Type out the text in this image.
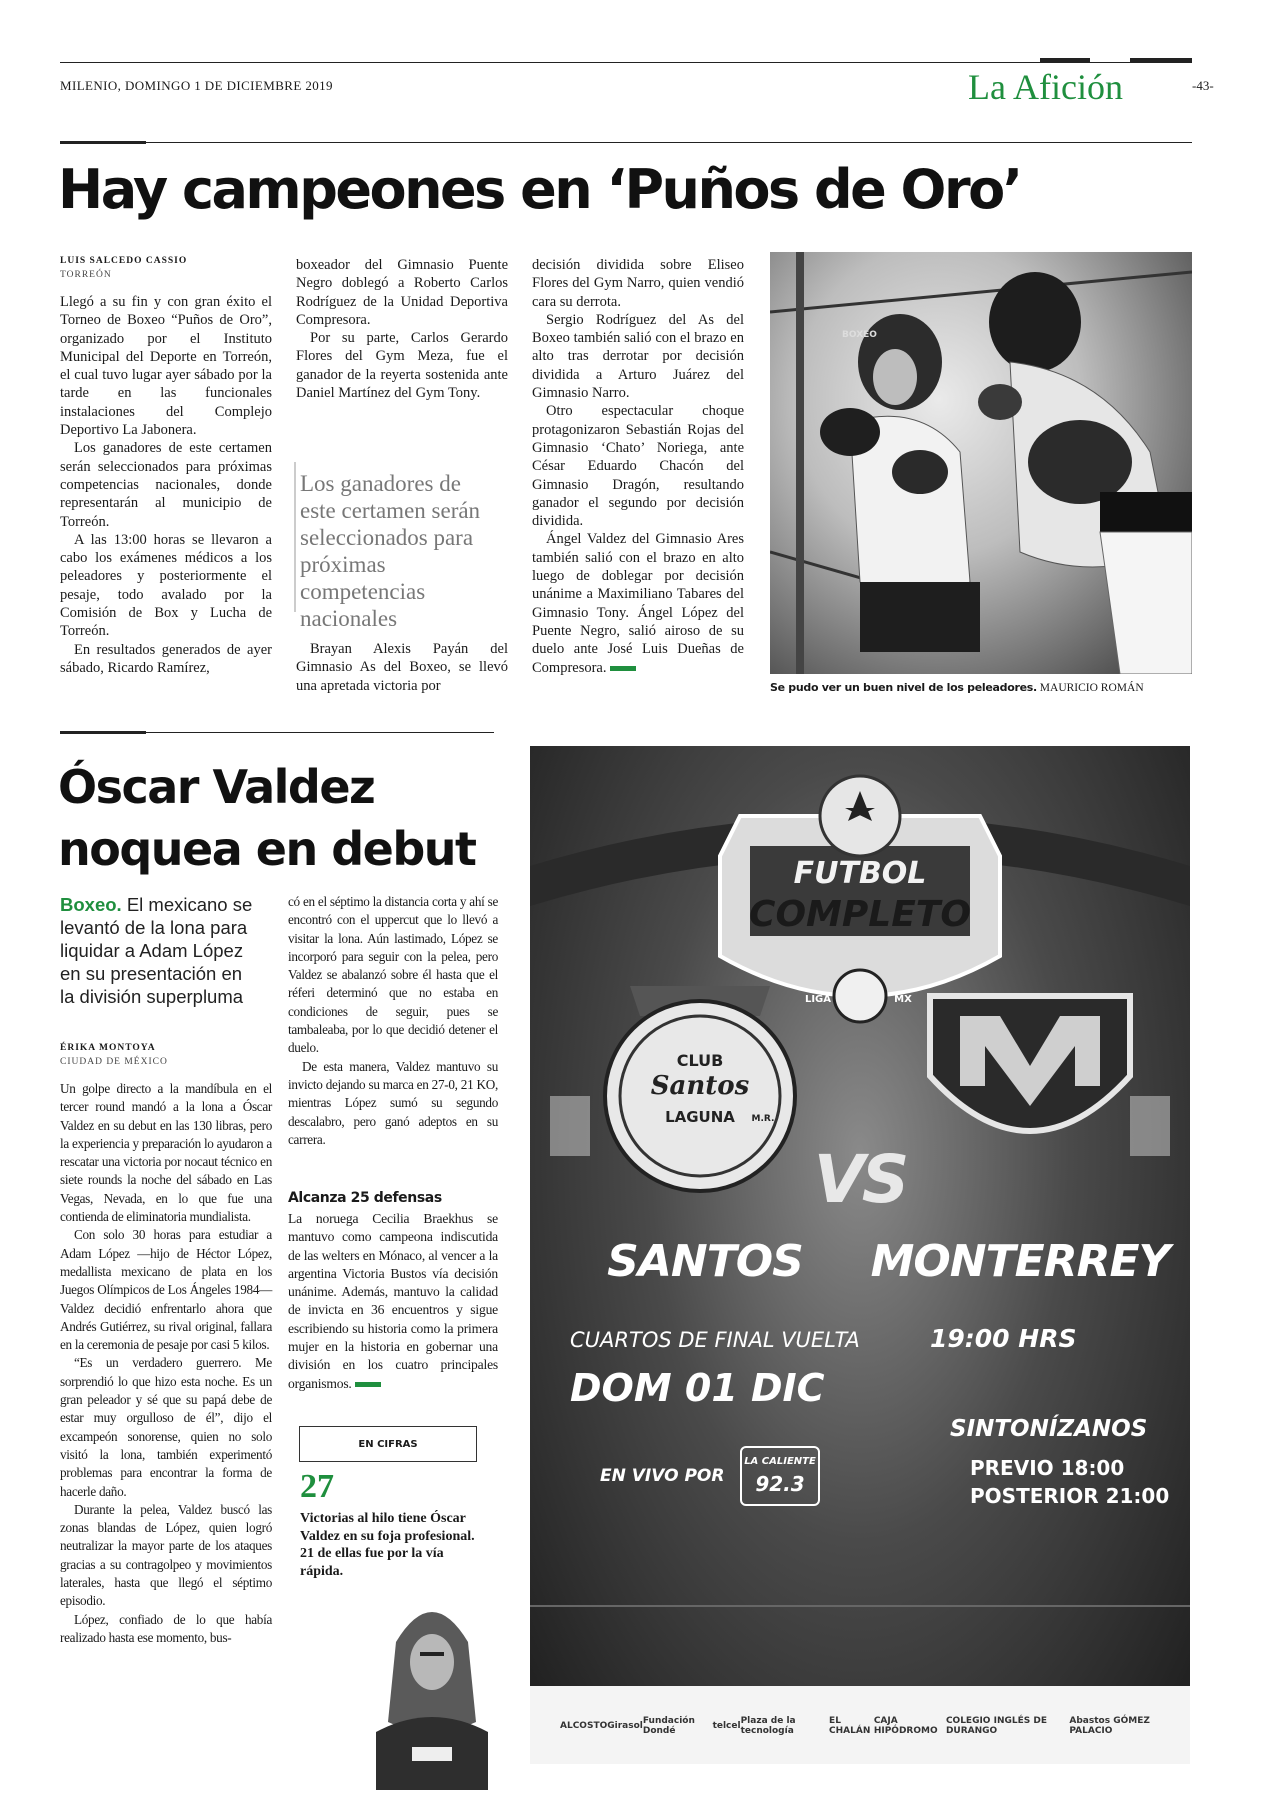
MILENIO, DOMINGO 1 DE DICIEMBRE 2019	La Afición	-43-
Hay campeones en ‘Puños de Oro’
LUIS SALCEDO CASSIO
TORREÓN

Llegó a su fin y con gran éxito el Torneo de Boxeo “Puños de Oro”, organizado por el Instituto Municipal del Deporte en Torreón, el cual tuvo lugar ayer sábado por la tarde en las funcionales instalaciones del Complejo Deportivo La Jabonera.

Los ganadores de este certamen serán seleccionados para próximas competencias nacionales, donde representarán al municipio de Torreón.

A las 13:00 horas se llevaron a cabo los exámenes médicos a los peleadores y posteriormente el pesaje, todo avalado por la Comisión de Box y Lucha de Torreón.

En resultados generados de ayer sábado, Ricardo Ramírez,

boxeador del Gimnasio Puente Negro doblegó a Roberto Carlos Rodríguez de la Unidad Deportiva Compresora.

Por su parte, Carlos Gerardo Flores del Gym Meza, fue el ganador de la reyerta sostenida ante Daniel Martínez del Gym Tony.

Los ganadores de este certamen serán seleccionados para próximas competencias nacionales

Brayan Alexis Payán del Gimnasio As del Boxeo, se llevó una apretada victoria por

decisión dividida sobre Eliseo Flores del Gym Narro, quien vendió cara su derrota.

Sergio Rodríguez del As del Boxeo también salió con el brazo en alto tras derrotar por decisión dividida a Arturo Juárez del Gimnasio Narro.

Otro espectacular choque protagonizaron Sebastián Rojas del Gimnasio ‘Chato’ Noriega, ante César Eduardo Chacón del Gimnasio Dragón, resultando ganador el segundo por decisión dividida.

Ángel Valdez del Gimnasio Ares también salió con el brazo en alto luego de doblegar por decisión unánime a Maximiliano Tabares del Gimnasio Tony. Ángel López del Puente Negro, salió airoso de su duelo ante José Luis Dueñas de Compresora.

BOXEO
Se pudo ver un buen nivel de los peleadores. MAURICIO ROMÁN
Óscar Valdez
noquea en debut
Boxeo. El mexicano se levantó de la lona para liquidar a Adam López en su presentación en la división superpluma
ÉRIKA MONTOYA
CIUDAD DE MÉXICO

Un golpe directo a la mandíbula en el tercer round mandó a la lona a Óscar Valdez en su debut en las 130 libras, pero la experiencia y preparación lo ayudaron a rescatar una victoria por nocaut técnico en siete rounds la noche del sábado en Las Vegas, Nevada, en lo que fue una contienda de eliminatoria mundialista.

Con solo 30 horas para estudiar a Adam López —hijo de Héctor López, medallista mexicano de plata en los Juegos Olímpicos de Los Ángeles 1984— Valdez decidió enfrentarlo ahora que Andrés Gutiérrez, su rival original, fallara en la ceremonia de pesaje por casi 5 kilos.

“Es un verdadero guerrero. Me sorprendió lo que hizo esta noche. Es un gran peleador y sé que su papá debe de estar muy orgulloso de él”, dijo el excampeón sonorense, quien no solo visitó la lona, también experimentó problemas para encontrar la forma de hacerle daño.

Durante la pelea, Valdez buscó las zonas blandas de López, quien logró neutralizar la mayor parte de los ataques gracias a su contragolpeo y movimientos laterales, hasta que llegó el séptimo episodio.

López, confiado de lo que había realizado hasta ese momento, bus-

có en el séptimo la distancia corta y ahí se encontró con el uppercut que lo llevó a visitar la lona. Aún lastimado, López se incorporó para seguir con la pelea, pero Valdez se abalanzó sobre él hasta que el réferi determinó que no estaba en condiciones de seguir, pues se tambaleaba, por lo que decidió detener el duelo.

De esta manera, Valdez mantuvo su invicto dejando su marca en 27-0, 21 KO, mientras López sumó su segundo descalabro, pero ganó adeptos en su carrera.

Alcanza 25 defensas

La noruega Cecilia Braekhus se mantuvo como campeona indiscutida de las welters en Mónaco, al vencer a la argentina Victoria Bustos vía decisión unánime. Además, mantuvo la calidad de invicta en 36 encuentros y sigue escribiendo su historia como la primera mujer en la historia en gobernar una división en los cuatro principales organismos.

EN CIFRAS
27
Victorias al hilo tiene Óscar Valdez en su foja profesional. 21 de ellas fue por la vía rápida.
FUTBOL
COMPLETO
LIGA	MX
CLUB
Santos
LAGUNA	M.R.
VS
SANTOS	MONTERREY
CUARTOS DE FINAL VUELTA	19:00 HRS
DOM 01 DIC
EN VIVO POR
LA CALIENTE
92.3
SINTONÍZANOS
PREVIO 18:00
POSTERIOR 21:00
ALCOSTO Girasol Fundación Dondé	telcel Plaza de la tecnología
EL CHALÁN
CAJA HIPÓDROMO
COLEGIO INGLÉS DE DURANGO
Abastos GÓMEZ PALACIO
